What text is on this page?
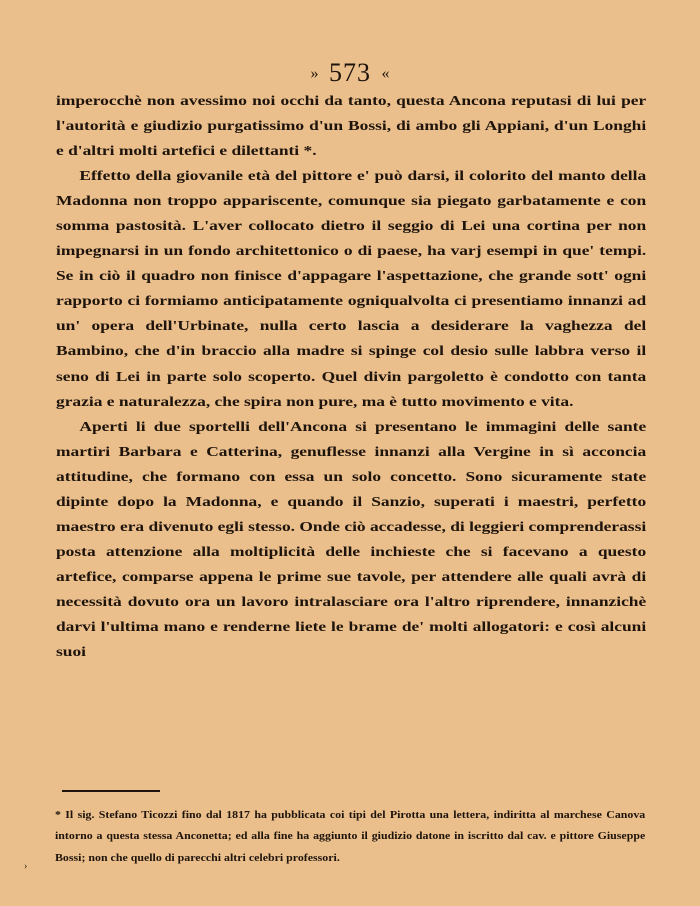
» 573 «

imperocchè non avessimo noi occhi da tanto, questa Ancona reputasi di lui per l'autorità e giudizio purgatissimo d'un Bossi, di ambo gli Appiani, d'un Longhi e d'altri molti artefici e dilettanti *.

Effetto della giovanile età del pittore e' può darsi, il colorito del manto della Madonna non troppo appariscente, comunque sia piegato garbatamente e con somma pastosità. L'aver collocato dietro il seggio di Lei una cortina per non impegnarsi in un fondo architettonico o di paese, ha varj esempi in que' tempi. Se in ciò il quadro non finisce d'appagare l'aspettazione, che grande sott' ogni rapporto ci formiamo anticipatamente ogniqualvolta ci presentiamo innanzi ad un' opera dell'Urbinate, nulla certo lascia a desiderare la vaghezza del Bambino, che d'in braccio alla madre si spinge col desio sulle labbra verso il seno di Lei in parte solo scoperto. Quel divin pargoletto è condotto con tanta grazia e naturalezza, che spira non pure, ma è tutto movimento e vita.

Aperti li due sportelli dell'Ancona si presentano le immagini delle sante martiri Barbara e Catterina, genuflesse innanzi alla Vergine in sì acconcia attitudine, che formano con essa un solo concetto. Sono sicuramente state dipinte dopo la Madonna, e quando il Sanzio, superati i maestri, perfetto maestro era divenuto egli stesso. Onde ciò accadesse, di leggieri comprenderassi posta attenzione alla moltiplicità delle inchieste che si facevano a questo artefice, comparse appena le prime sue tavole, per attendere alle quali avrà di necessità dovuto ora un lavoro intralasciare ora l'altro riprendere, innanzichè darvi l'ultima mano e renderne liete le brame de' molti allogatori: e così alcuni suoi

* Il sig. Stefano Ticozzi fino dal 1817 ha pubblicata coi tipi del Pirotta una lettera, indiritta al marchese Canova intorno a questa stessa Anconetta; ed alla fine ha aggiunto il giudizio datone in iscritto dal cav. e pittore Giuseppe Bossi; non che quello di parecchi altri celebri professori.

›
